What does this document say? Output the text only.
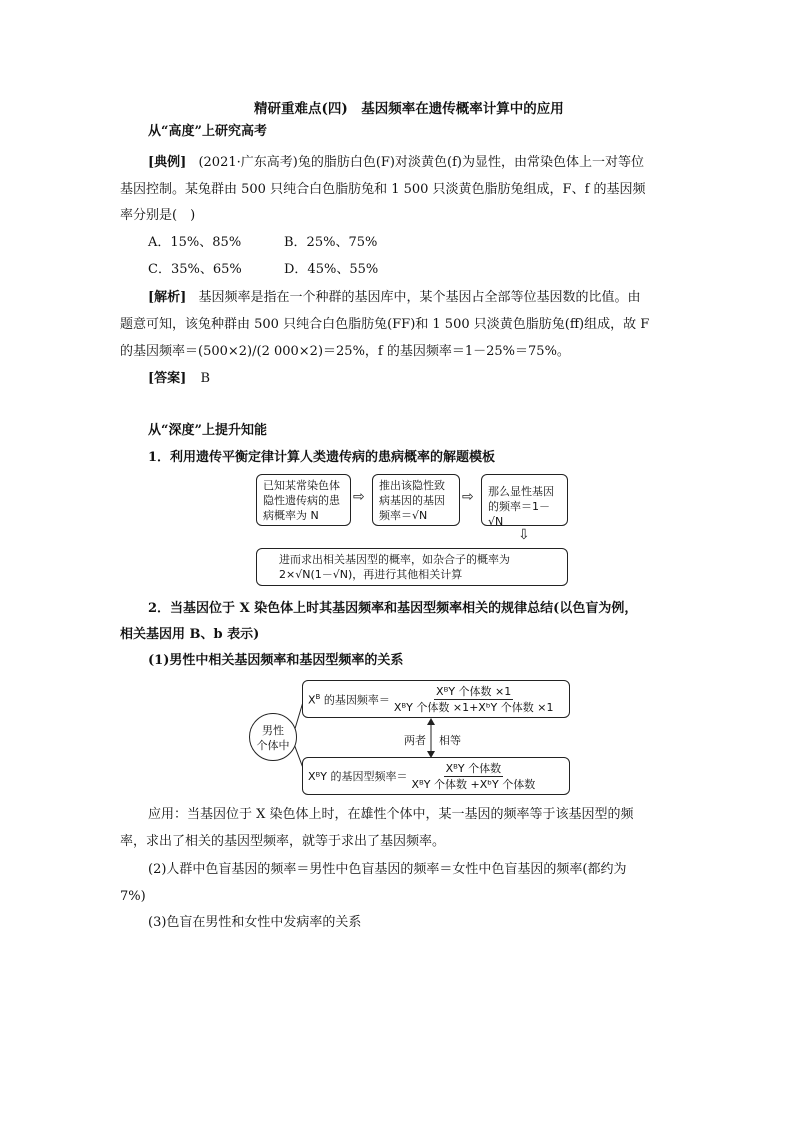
精研重难点(四)　基因频率在遗传概率计算中的应用
从“高度”上研究高考
[典例] (2021·广东高考)兔的脂肪白色(F)对淡黄色(f)为显性，由常染色体上一对等位
基因控制。某兔群由 500 只纯合白色脂肪兔和 1 500 只淡黄色脂肪兔组成，F、f 的基因频
率分别是(　)
A．15%、85%	B．25%、75%
C．35%、65%	D．45%、55%
[解析] 基因频率是指在一个种群的基因库中，某个基因占全部等位基因数的比值。由
题意可知，该兔种群由 500 只纯合白色脂肪兔(FF)和 1 500 只淡黄色脂肪兔(ff)组成，故 F
的基因频率＝(500×2)/(2 000×2)＝25%，f 的基因频率＝1－25%＝75%。
[答案] B
从“深度”上提升知能
1．利用遗传平衡定律计算人类遗传病的患病概率的解题模板
已知某常染色体
隐性遗传病的患
病概率为 N
⇨
推出该隐性致
病基因的基因
频率＝√N
⇨ 那么显性基因
的频率＝1－√N
⇩
进而求出相关基因型的概率，如杂合子的概率为
2×√N(1－√N)，再进行其他相关计算
2．当基因位于 X 染色体上时其基因频率和基因型频率相关的规律总结(以色盲为例，
相关基因用 B、b 表示)
(1)男性中相关基因频率和基因型频率的关系
男性
个体中
$X^B$ 的基因频率＝ $\frac{\text{XᴮY 个体数 ×1}}{\text{XᴮY 个体数 ×1+XᵇY 个体数 ×1}}$
两者 相等
XᴮY 的基因型频率＝ $\frac{\text{XᴮY 个体数}}{\text{XᴮY 个体数 +XᵇY 个体数}}$
应用：当基因位于 X 染色体上时，在雄性个体中，某一基因的频率等于该基因型的频
率，求出了相关的基因型频率，就等于求出了基因频率。
(2)人群中色盲基因的频率＝男性中色盲基因的频率＝女性中色盲基因的频率(都约为
7%)
(3)色盲在男性和女性中发病率的关系
